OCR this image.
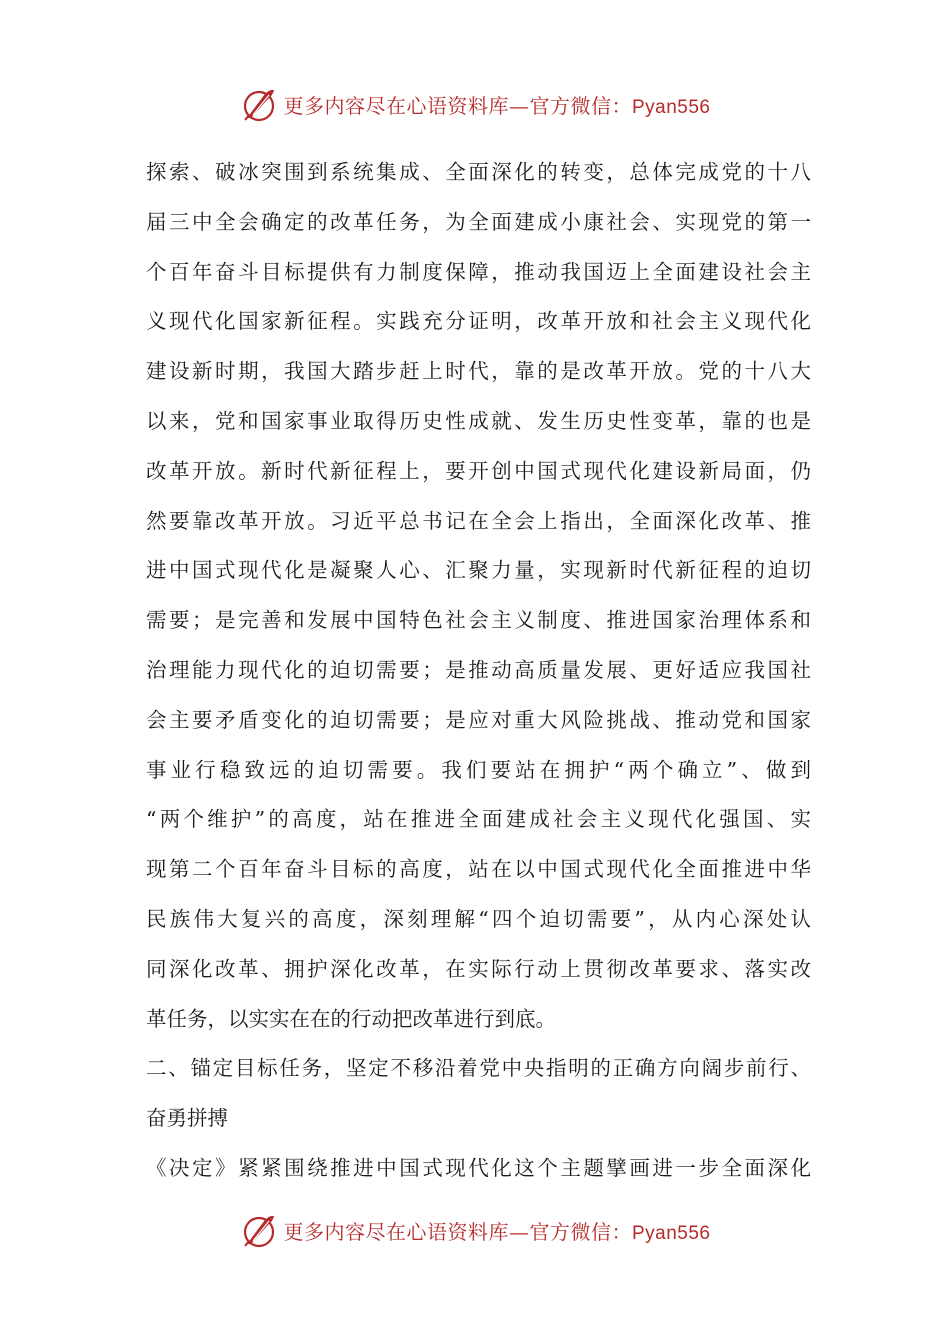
更多内容尽在心语资料库—官方微信：Pyan556
探索、破冰突围到系统集成、全面深化的转变，总体完成党的十八
届三中全会确定的改革任务，为全面建成小康社会、实现党的第一
个百年奋斗目标提供有力制度保障，推动我国迈上全面建设社会主
义现代化国家新征程。实践充分证明，改革开放和社会主义现代化
建设新时期，我国大踏步赶上时代，靠的是改革开放。党的十八大
以来，党和国家事业取得历史性成就、发生历史性变革，靠的也是
改革开放。新时代新征程上，要开创中国式现代化建设新局面，仍
然要靠改革开放。习近平总书记在全会上指出，全面深化改革、推
进中国式现代化是凝聚人心、汇聚力量，实现新时代新征程的迫切
需要；是完善和发展中国特色社会主义制度、推进国家治理体系和
治理能力现代化的迫切需要；是推动高质量发展、更好适应我国社
会主要矛盾变化的迫切需要；是应对重大风险挑战、推动党和国家
事业行稳致远的迫切需要。我们要站在拥护“两个确立”、做到
“两个维护”的高度，站在推进全面建成社会主义现代化强国、实
现第二个百年奋斗目标的高度，站在以中国式现代化全面推进中华
民族伟大复兴的高度，深刻理解“四个迫切需要”，从内心深处认
同深化改革、拥护深化改革，在实际行动上贯彻改革要求、落实改
革任务，以实实在在的行动把改革进行到底。
二、锚定目标任务，坚定不移沿着党中央指明的正确方向阔步前行、
奋勇拼搏
《决定》紧紧围绕推进中国式现代化这个主题擘画进一步全面深化
更多内容尽在心语资料库—官方微信：Pyan556
